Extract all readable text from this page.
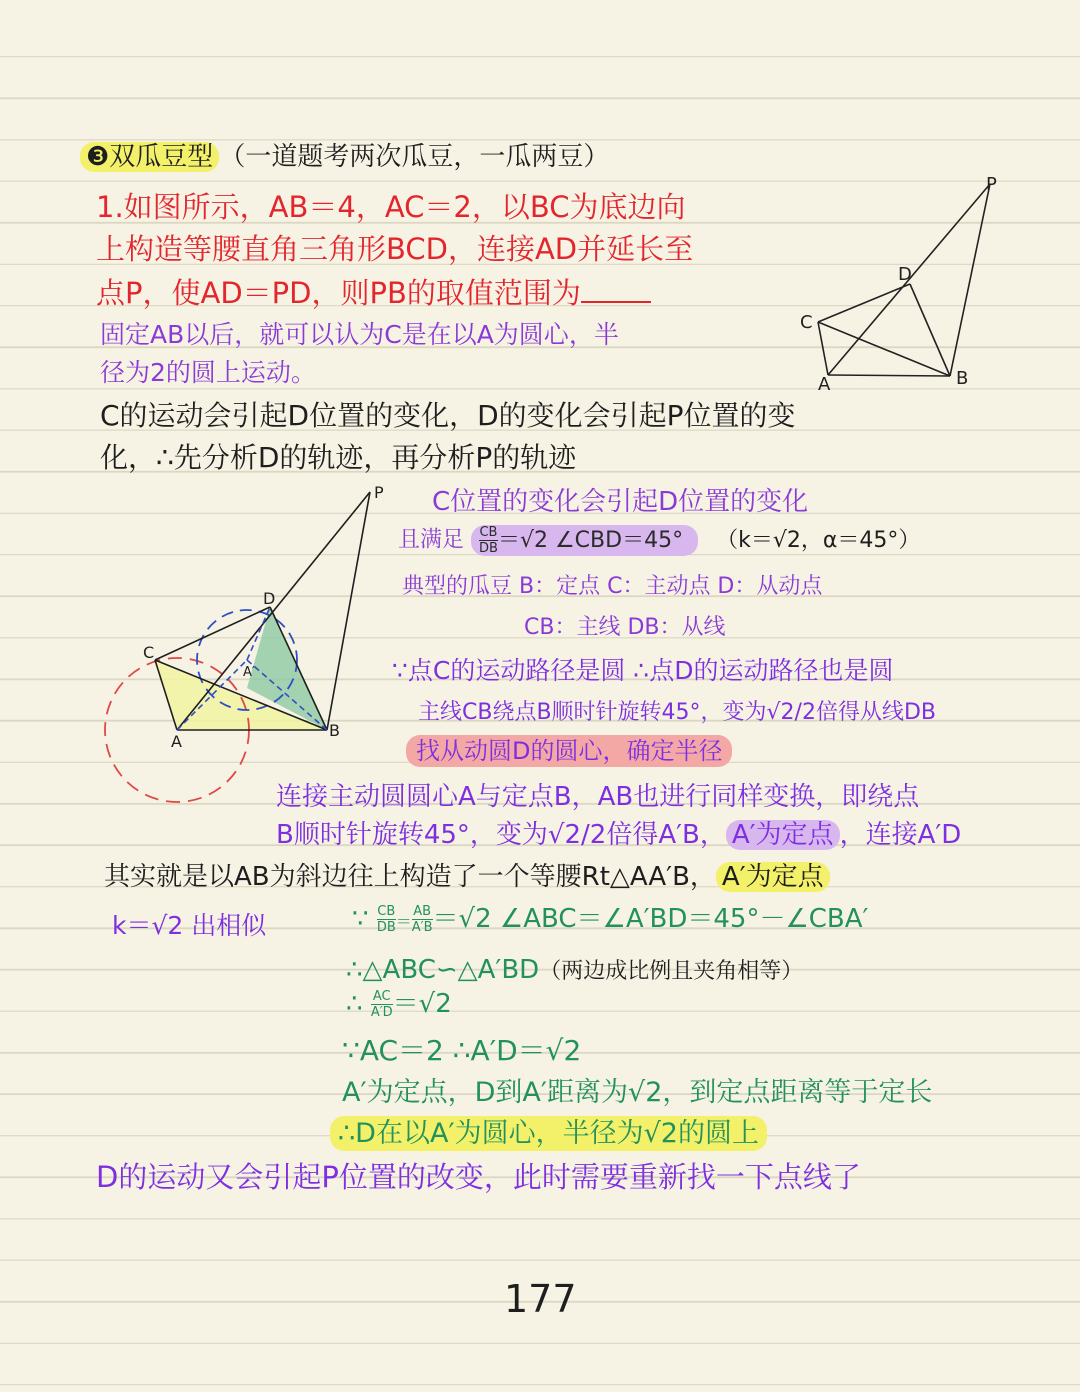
❸双瓜豆型 （一道题考两次瓜豆，一瓜两豆）
1.如图所示，AB＝4，AC＝2，以BC为底边向
上构造等腰直角三角形BCD，连接AD并延长至
点P，使AD＝PD，则PB的取值范围为
固定AB以后，就可以认为C是在以A为圆心，半
径为2的圆上运动。
C的运动会引起D位置的变化，D的变化会引起P位置的变
化，∴先分析D的轨迹，再分析P的轨迹
P
D
C
A	B
P
D
C
A
B
A′
C位置的变化会引起D位置的变化
且满足 $\frac{CB}{DB} =√2$ ∠CBD＝45° （k＝√2，α＝45°）
典型的瓜豆 B：定点 C：主动点 D：从动点
CB：主线 DB：从线
∵点C的运动路径是圆 ∴点D的运动路径也是圆
主线CB绕点B顺时针旋转45°，变为√2/2倍得从线DB
找从动圆D的圆心，确定半径
连接主动圆圆心A与定点B，AB也进行同样变换，即绕点
B顺时针旋转45°，变为√2/2倍得A′B， A′为定点 ，连接A′D
其实就是以AB为斜边往上构造了一个等腰Rt△AA′B， A′为定点
k＝√2 出相似	∵ $\frac{CB}{DB} = \frac{AB}{A'B} =√2$ ∠ABC＝∠A′BD＝45°－∠CBA′
∴△ABC∽△A′BD（两边成比例且夹角相等）
∴ $\frac{AC}{A'D} =√2$
∵AC＝2 ∴A′D＝√2
A′为定点，D到A′距离为√2，到定点距离等于定长
∴D在以A′为圆心，半径为√2的圆上
D的运动又会引起P位置的改变，此时需要重新找一下点线了
177
